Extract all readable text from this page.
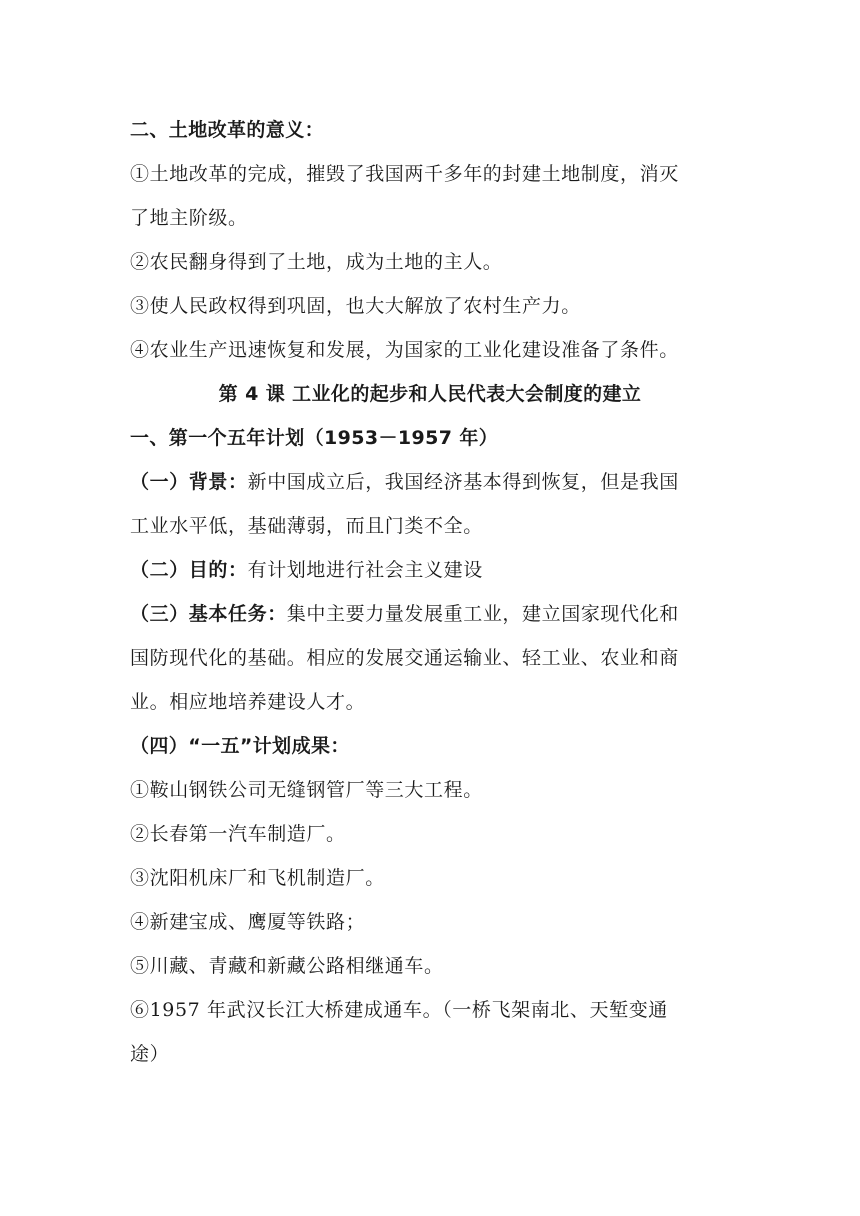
二、土地改革的意义：
①土地改革的完成，摧毁了我国两千多年的封建土地制度，消灭
了地主阶级。
②农民翻身得到了土地，成为土地的主人。
③使人民政权得到巩固，也大大解放了农村生产力。
④农业生产迅速恢复和发展，为国家的工业化建设准备了条件。
第 4 课 工业化的起步和人民代表大会制度的建立
一、第一个五年计划（1953－1957 年）
（一）背景：新中国成立后，我国经济基本得到恢复，但是我国
工业水平低，基础薄弱，而且门类不全。
（二）目的：有计划地进行社会主义建设
（三）基本任务：集中主要力量发展重工业，建立国家现代化和
国防现代化的基础。相应的发展交通运输业、轻工业、农业和商
业。相应地培养建设人才。
（四）“一五”计划成果：
①鞍山钢铁公司无缝钢管厂等三大工程。
②长春第一汽车制造厂。
③沈阳机床厂和飞机制造厂。
④新建宝成、鹰厦等铁路；
⑤川藏、青藏和新藏公路相继通车。
⑥1957 年武汉长江大桥建成通车。（一桥飞架南北、天堑变通
途）
